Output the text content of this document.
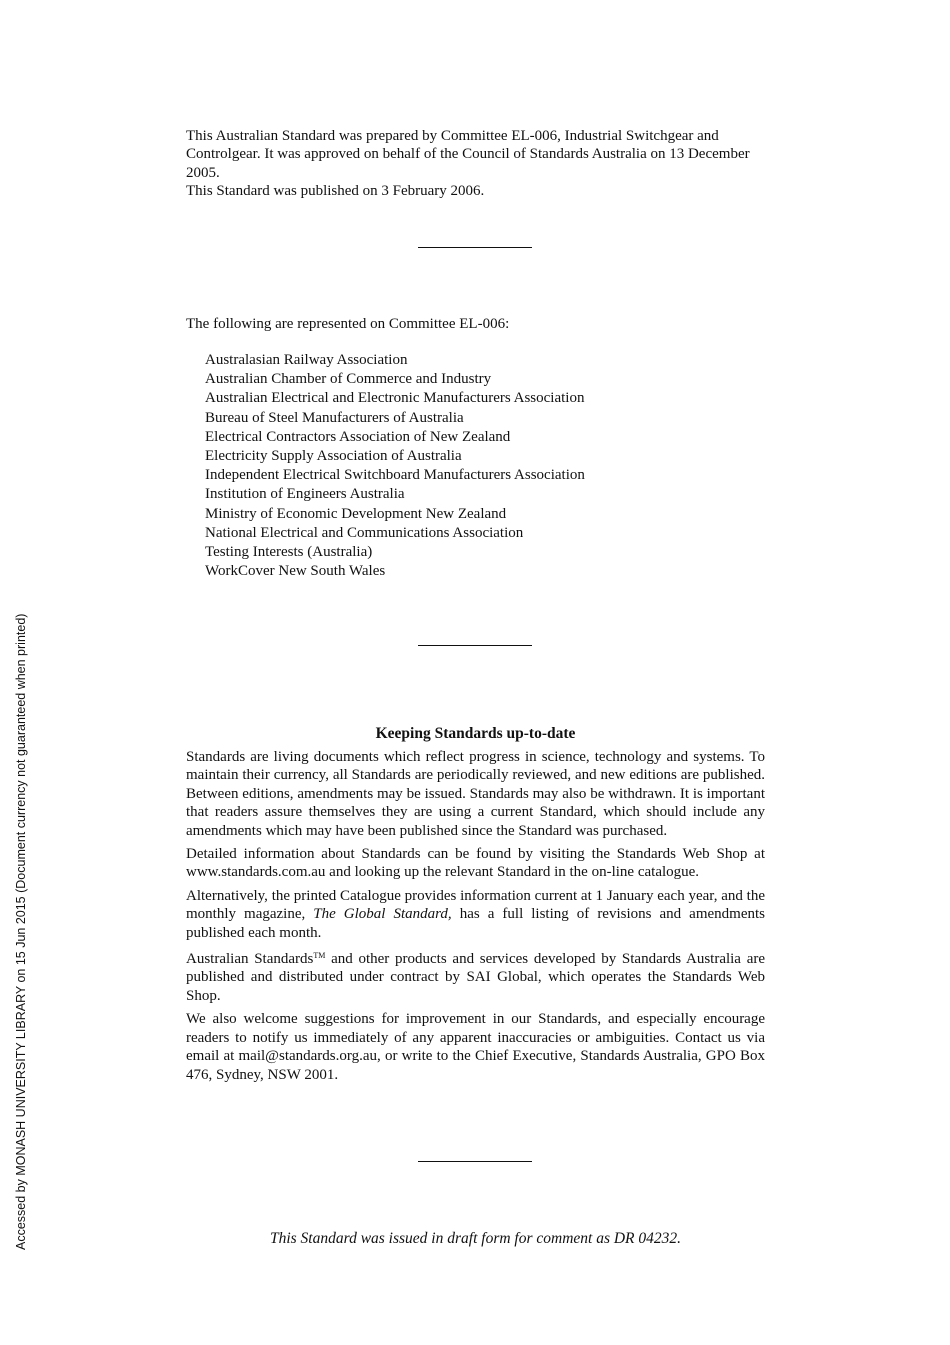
Accessed by MONASH UNIVERSITY LIBRARY on 15 Jun 2015 (Document currency not guaranteed when printed)

This Australian Standard was prepared by Committee EL-006, Industrial Switchgear and Controlgear. It was approved on behalf of the Council of Standards Australia on 13 December 2005.

This Standard was published on 3 February 2006.

The following are represented on Committee EL-006:

Australasian Railway Association
Australian Chamber of Commerce and Industry
Australian Electrical and Electronic Manufacturers Association
Bureau of Steel Manufacturers of Australia
Electrical Contractors Association of New Zealand
Electricity Supply Association of Australia
Independent Electrical Switchboard Manufacturers Association
Institution of Engineers Australia
Ministry of Economic Development New Zealand
National Electrical and Communications Association
Testing Interests (Australia)
WorkCover New South Wales
Keeping Standards up-to-date

Standards are living documents which reflect progress in science, technology and systems. To maintain their currency, all Standards are periodically reviewed, and new editions are published. Between editions, amendments may be issued. Standards may also be withdrawn. It is important that readers assure themselves they are using a current Standard, which should include any amendments which may have been published since the Standard was purchased.

Detailed information about Standards can be found by visiting the Standards Web Shop at www.standards.com.au and looking up the relevant Standard in the on-line catalogue.

Alternatively, the printed Catalogue provides information current at 1 January each year, and the monthly magazine, The Global Standard, has a full listing of revisions and amendments published each month.

Australian Standards™ and other products and services developed by Standards Australia are published and distributed under contract by SAI Global, which operates the Standards Web Shop.

We also welcome suggestions for improvement in our Standards, and especially encourage readers to notify us immediately of any apparent inaccuracies or ambiguities. Contact us via email at mail@standards.org.au, or write to the Chief Executive, Standards Australia, GPO Box 476, Sydney, NSW 2001.

This Standard was issued in draft form for comment as DR 04232.
